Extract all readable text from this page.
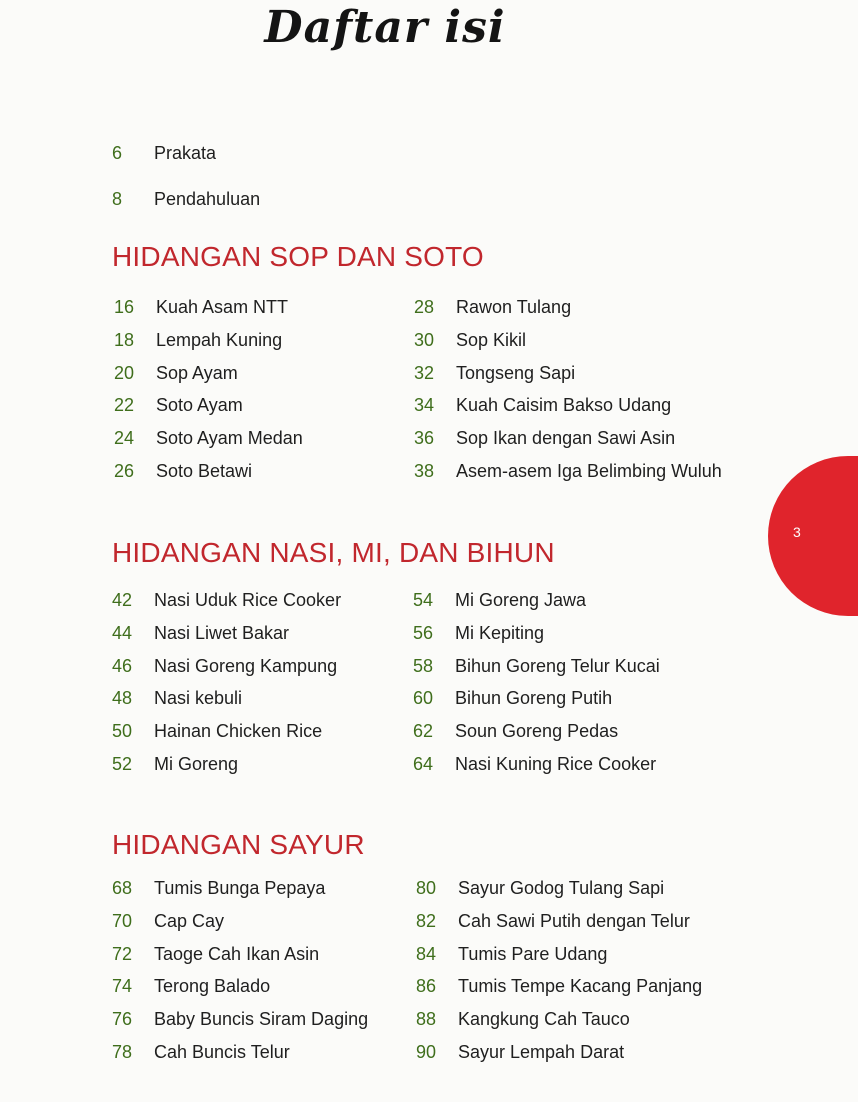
Daftar isi
6 Prakata
8 Pendahuluan
HIDANGAN SOP DAN SOTO
16 Kuah Asam NTT
18 Lempah Kuning
20 Sop Ayam
22 Soto Ayam
24 Soto Ayam Medan
26 Soto Betawi
28 Rawon Tulang
30 Sop Kikil
32 Tongseng Sapi
34 Kuah Caisim Bakso Udang
36 Sop Ikan dengan Sawi Asin
38 Asem-asem Iga Belimbing Wuluh
HIDANGAN NASI, MI, DAN BIHUN
42 Nasi Uduk Rice Cooker
44 Nasi Liwet Bakar
46 Nasi Goreng Kampung
48 Nasi kebuli
50 Hainan Chicken Rice
52 Mi Goreng
54 Mi Goreng Jawa
56 Mi Kepiting
58 Bihun Goreng Telur Kucai
60 Bihun Goreng Putih
62 Soun Goreng Pedas
64 Nasi Kuning Rice Cooker
HIDANGAN SAYUR
68 Tumis Bunga Pepaya
70 Cap Cay
72 Taoge Cah Ikan Asin
74 Terong Balado
76 Baby Buncis Siram Daging
78 Cah Buncis Telur
80 Sayur Godog Tulang Sapi
82 Cah Sawi Putih dengan Telur
84 Tumis Pare Udang
86 Tumis Tempe Kacang Panjang
88 Kangkung Cah Tauco
90 Sayur Lempah Darat
3
